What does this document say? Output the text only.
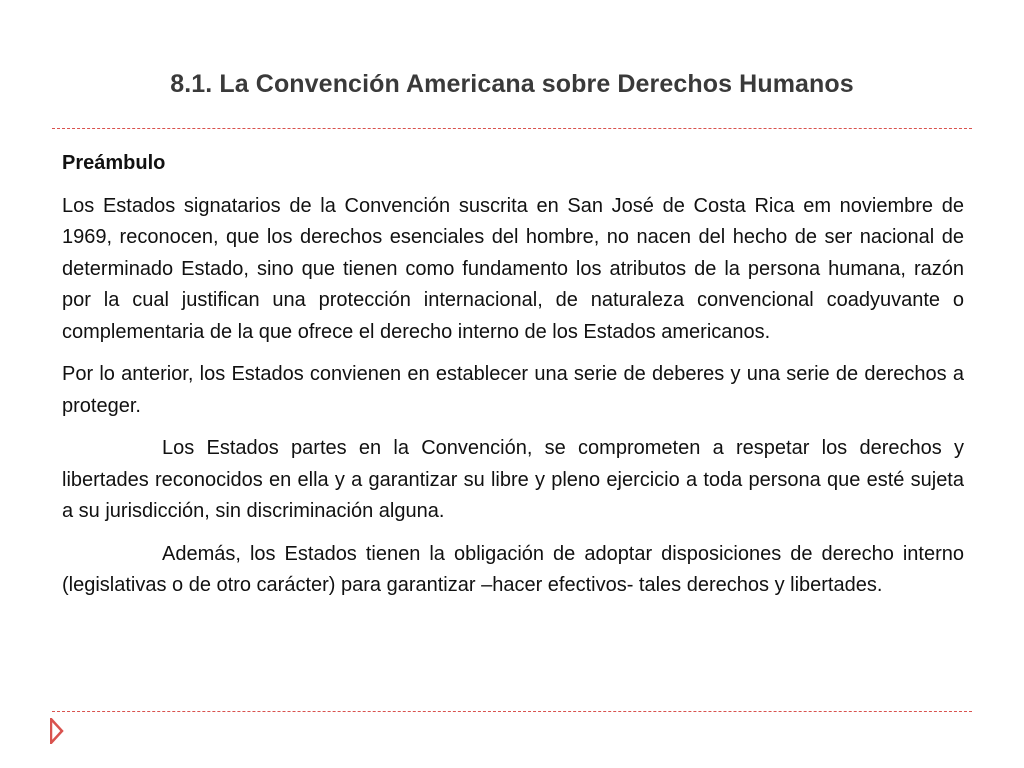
8.1. La Convención Americana sobre Derechos Humanos
Preámbulo

Los Estados signatarios de la Convención suscrita en San José de Costa Rica em noviembre de 1969, reconocen, que los derechos esenciales del hombre, no nacen del hecho de ser nacional de determinado Estado, sino que tienen como fundamento los atributos de la persona humana, razón por la cual justifican una protección internacional, de naturaleza convencional coadyuvante o complementaria de la que ofrece el derecho interno de los Estados americanos.

Por lo anterior, los Estados convienen en establecer una serie de deberes y una serie de derechos a proteger.

Los Estados partes en la Convención, se comprometen a respetar los derechos y libertades reconocidos en ella y a garantizar su libre y pleno ejercicio a toda persona que esté sujeta a su jurisdicción, sin discriminación alguna.

Además, los Estados tienen la obligación de adoptar disposiciones de derecho interno (legislativas o de otro carácter) para garantizar –hacer efectivos- tales derechos y libertades.
